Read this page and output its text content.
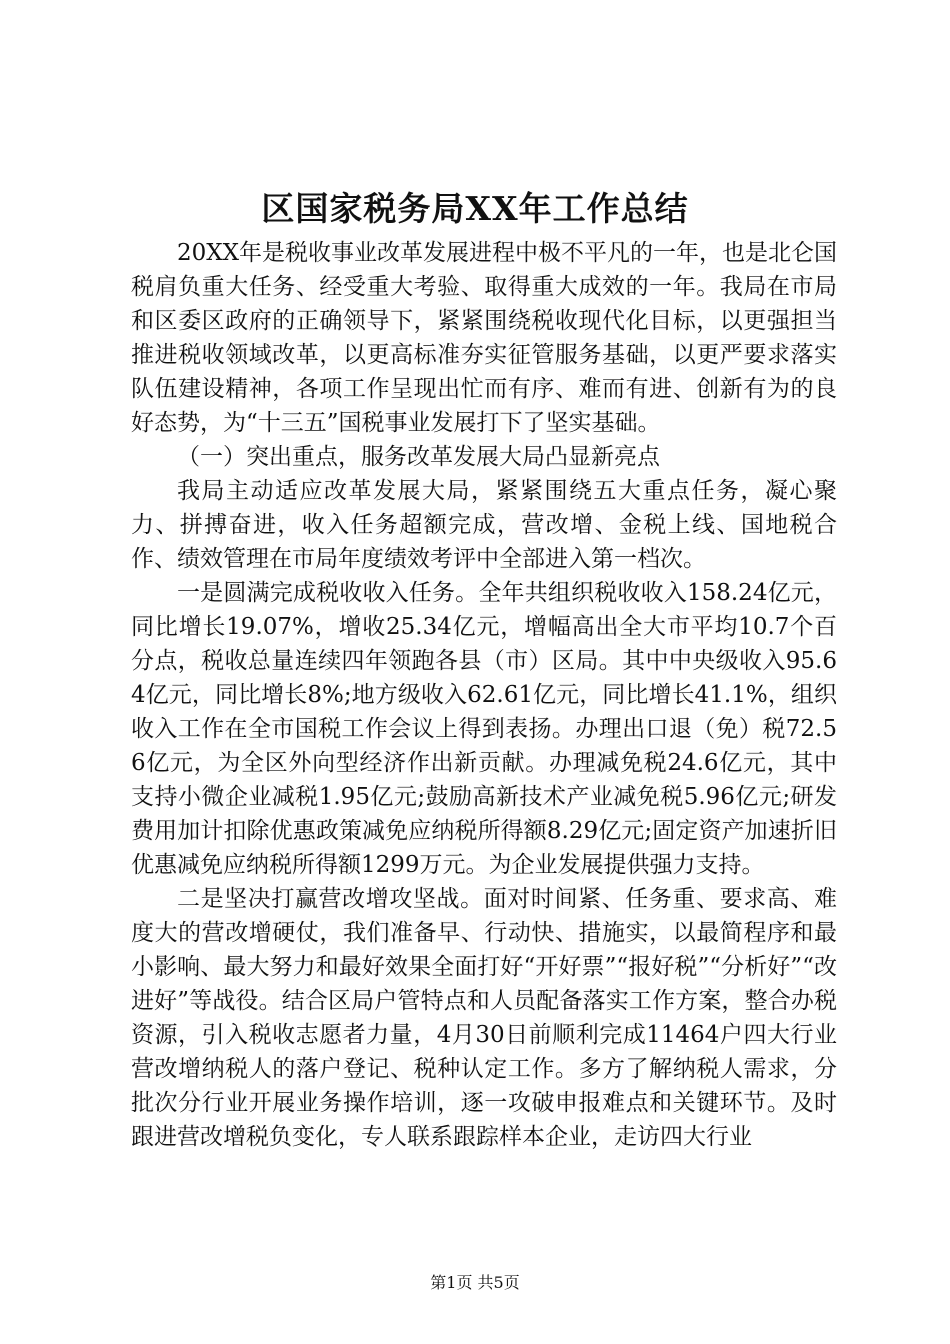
区国家税务局XX年工作总结

20XX年是税收事业改革发展进程中极不平凡的一年，也是北仑国税肩负重大任务、经受重大考验、取得重大成效的一年。我局在市局和区委区政府的正确领导下，紧紧围绕税收现代化目标，以更强担当推进税收领域改革，以更高标准夯实征管服务基础，以更严要求落实队伍建设精神，各项工作呈现出忙而有序、难而有进、创新有为的良好态势，为“十三五”国税事业发展打下了坚实基础。

（一）突出重点，服务改革发展大局凸显新亮点

我局主动适应改革发展大局，紧紧围绕五大重点任务，凝心聚力、拼搏奋进，收入任务超额完成，营改增、金税上线、国地税合作、绩效管理在市局年度绩效考评中全部进入第一档次。

一是圆满完成税收收入任务。全年共组织税收收入158.24亿元，同比增长19.07%，增收25.34亿元，增幅高出全大市平均10.7个百分点，税收总量连续四年领跑各县（市）区局。其中中央级收入95.64亿元，同比增长8%;地方级收入62.61亿元，同比增长41.1%，组织收入工作在全市国税工作会议上得到表扬。办理出口退（免）税72.56亿元，为全区外向型经济作出新贡献。办理减免税24.6亿元，其中支持小微企业减税1.95亿元;鼓励高新技术产业减免税5.96亿元;研发费用加计扣除优惠政策减免应纳税所得额8.29亿元;固定资产加速折旧优惠减免应纳税所得额1299万元。为企业发展提供强力支持。

二是坚决打赢营改增攻坚战。面对时间紧、任务重、要求高、难度大的营改增硬仗，我们准备早、行动快、措施实，以最简程序和最小影响、最大努力和最好效果全面打好“开好票”“报好税”“分析好”“改进好”等战役。结合区局户管特点和人员配备落实工作方案，整合办税资源，引入税收志愿者力量，4月30日前顺利完成11464户四大行业营改增纳税人的落户登记、税种认定工作。多方了解纳税人需求，分批次分行业开展业务操作培训，逐一攻破申报难点和关键环节。及时跟进营改增税负变化，专人联系跟踪样本企业，走访四大行业

第1页 共5页
